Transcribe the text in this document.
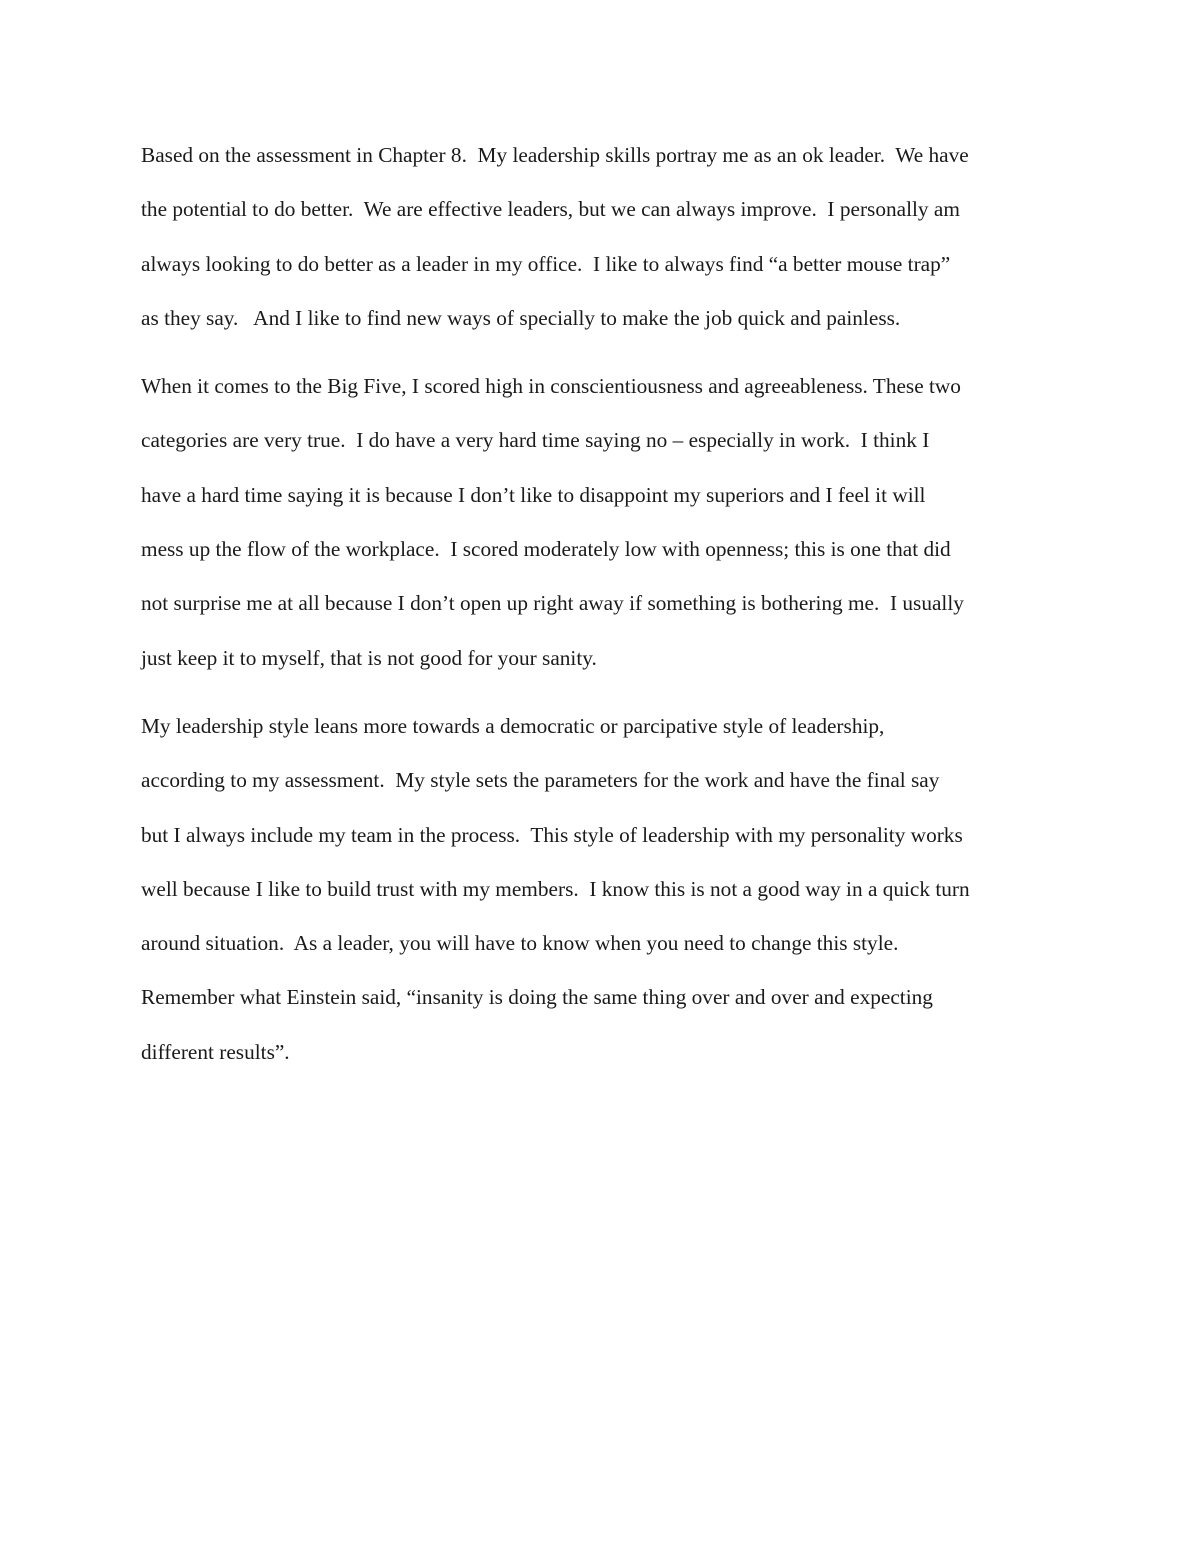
Based on the assessment in Chapter 8.  My leadership skills portray me as an ok leader.  We have
the potential to do better.  We are effective leaders, but we can always improve.  I personally am
always looking to do better as a leader in my office.  I like to always find “a better mouse trap”
as they say.   And I like to find new ways of specially to make the job quick and painless.

When it comes to the Big Five, I scored high in conscientiousness and agreeableness. These two
categories are very true.  I do have a very hard time saying no – especially in work.  I think I
have a hard time saying it is because I don’t like to disappoint my superiors and I feel it will
mess up the flow of the workplace.  I scored moderately low with openness; this is one that did
not surprise me at all because I don’t open up right away if something is bothering me.  I usually
just keep it to myself, that is not good for your sanity.

My leadership style leans more towards a democratic or parcipative style of leadership,
according to my assessment.  My style sets the parameters for the work and have the final say
but I always include my team in the process.  This style of leadership with my personality works
well because I like to build trust with my members.  I know this is not a good way in a quick turn
around situation.  As a leader, you will have to know when you need to change this style.
Remember what Einstein said, “insanity is doing the same thing over and over and expecting
different results”.
